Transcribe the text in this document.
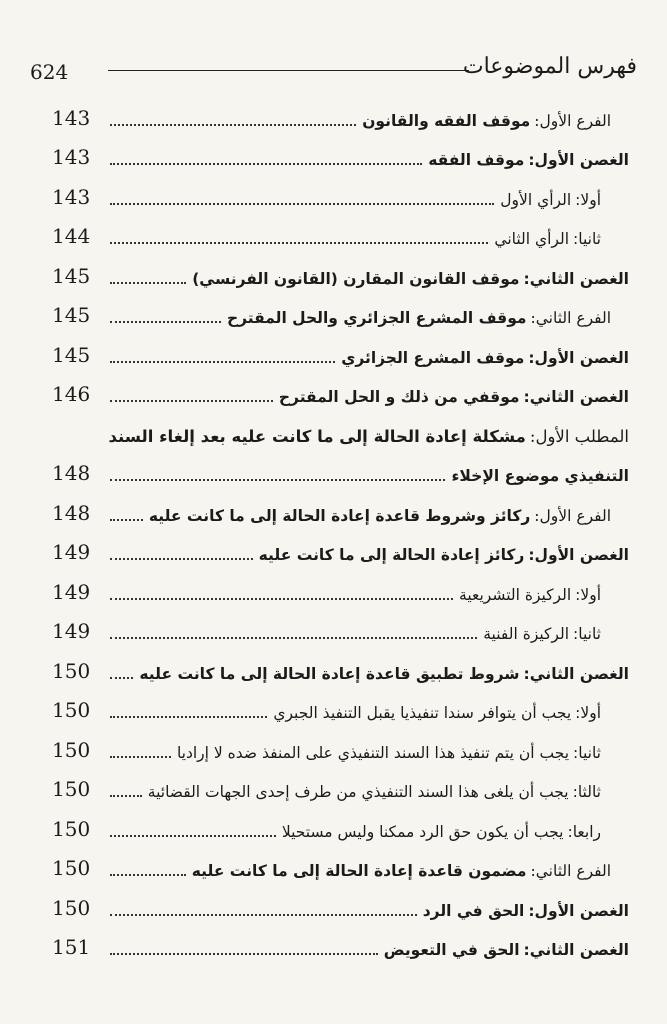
624	فهرس الموضوعات
143	الفرع الأول:موقف الفقه والقانون
143	الغصن الأول:موقف الفقه
143	أولا:الرأي الأول
144	ثانيا:الرأي الثاني
145	الغصن الثاني:موقف القانون المقارن (القانون الفرنسي)
145	الفرع الثاني:موقف المشرع الجزائري والحل المقترح
145	الغصن الأول:موقف المشرع الجزائري
146	الغصن الثاني:موقفي من ذلك و الحل المقترح
المطلب الأول:مشكلة إعادة الحالة إلى ما كانت عليه بعد إلغاء السند
148	التنفيذي موضوع الإخلاء
148	الفرع الأول:ركائز وشروط قاعدة إعادة الحالة إلى ما كانت عليه
149	الغصن الأول:ركائز إعادة الحالة إلى ما كانت عليه
149	أولا:الركيزة التشريعية
149	ثانيا:الركيزة الفنية
150	الغصن الثاني:شروط تطبيق قاعدة إعادة الحالة إلى ما كانت عليه
150	أولا:يجب أن يتوافر سندا تنفيذيا يقبل التنفيذ الجبري
150	ثانيا:يجب أن يتم تنفيذ هذا السند التنفيذي على المنفذ ضده لا إراديا
150	ثالثا:يجب أن يلغى هذا السند التنفيذي من طرف إحدى الجهات القضائية
150	رابعا:يجب أن يكون حق الرد ممكنا وليس مستحيلا
150	الفرع الثاني:مضمون قاعدة إعادة الحالة إلى ما كانت عليه
150	الغصن الأول:الحق في الرد
151	الغصن الثاني:الحق في التعويض
